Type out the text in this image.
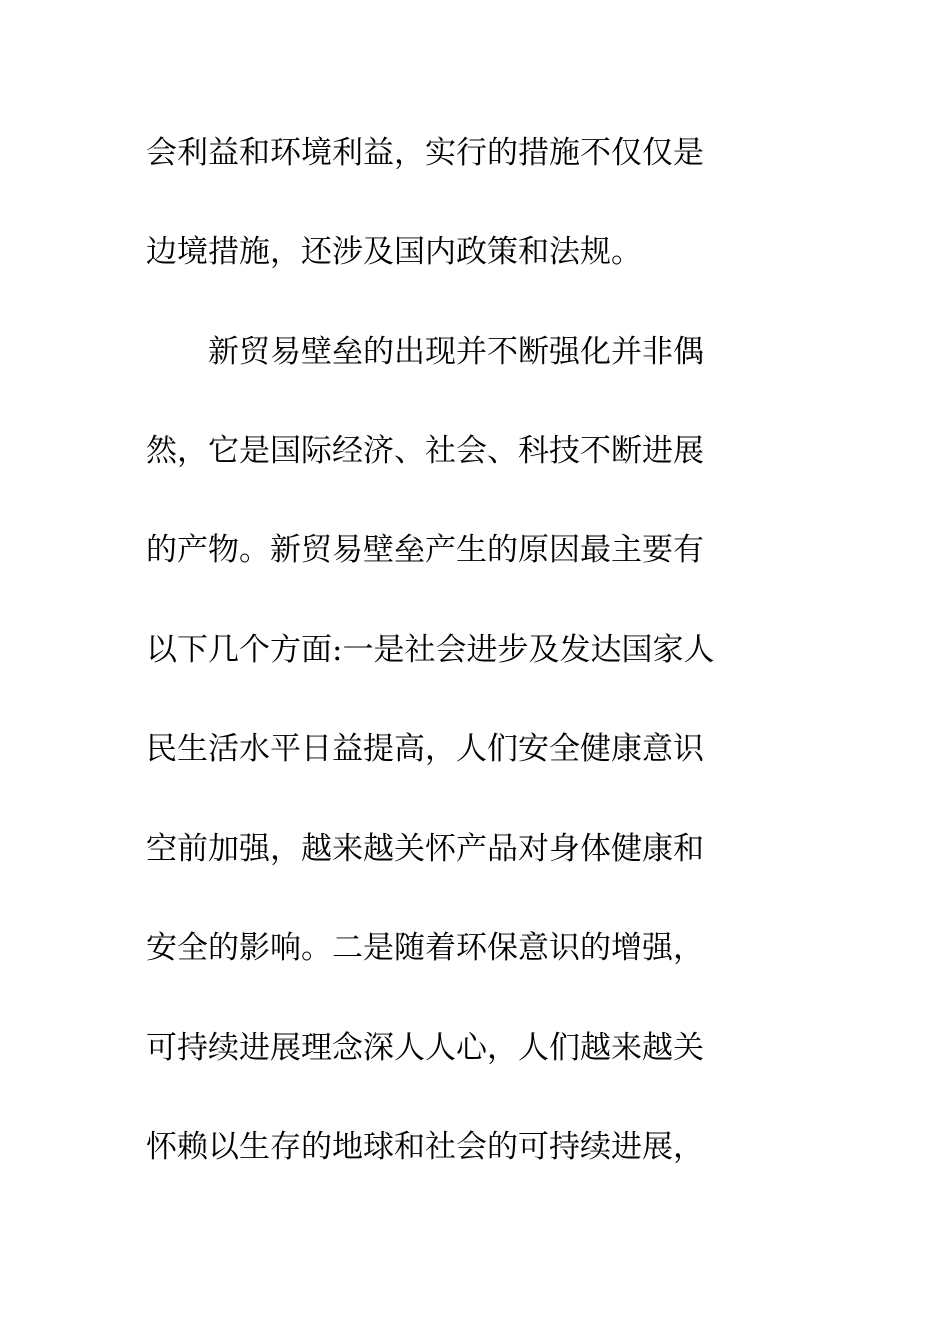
会利益和环境利益，实行的措施不仅仅是
边境措施，还涉及国内政策和法规。
　　新贸易壁垒的出现并不断强化并非偶
然，它是国际经济、社会、科技不断进展
的产物。新贸易壁垒产生的原因最主要有
以下几个方面:一是社会进步及发达国家人
民生活水平日益提高，人们安全健康意识
空前加强，越来越关怀产品对身体健康和
安全的影响。二是随着环保意识的增强，
可持续进展理念深人人心，人们越来越关
怀赖以生存的地球和社会的可持续进展，
